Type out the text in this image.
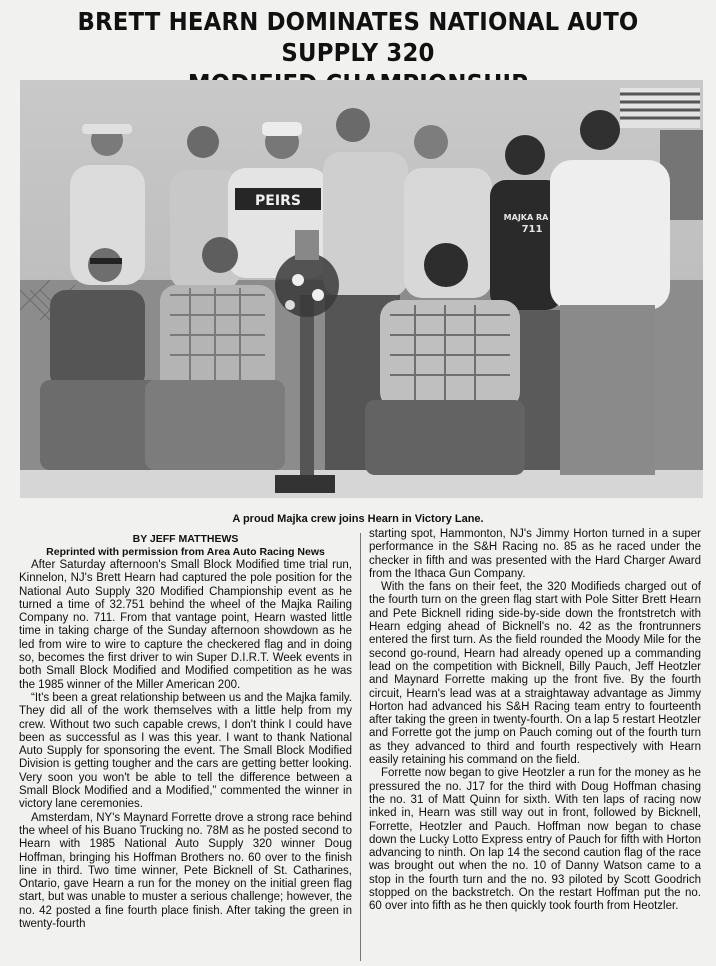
BRETT HEARN DOMINATES NATIONAL AUTO SUPPLY 320
PEIRS
MAJKA RA
711
A proud Majka crew joins Hearn in Victory Lane.
BY JEFF MATTHEWS
Reprinted with permission from Area Auto Racing News

After Saturday afternoon's Small Block Modified time trial run, Kinnelon, NJ's Brett Hearn had captured the pole position for the National Auto Supply 320 Modified Championship event as he turned a time of 32.751 behind the wheel of the Majka Railing Company no. 711. From that vantage point, Hearn wasted little time in taking charge of the Sunday afternoon showdown as he led from wire to wire to capture the checkered flag and in doing so, becomes the first driver to win Super D.I.R.T. Week events in both Small Block Modified and Modified competition as he was the 1985 winner of the Miller American 200.

“It's been a great relationship between us and the Majka family. They did all of the work themselves with a little help from my crew. Without two such capable crews, I don't think I could have been as successful as I was this year. I want to thank National Auto Supply for sponsoring the event. The Small Block Modified Division is getting tougher and the cars are getting better looking. Very soon you won't be able to tell the difference between a Small Block Modified and a Modified,” commented the winner in victory lane ceremonies.

Amsterdam, NY's Maynard Forrette drove a strong race behind the wheel of his Buano Trucking no. 78M as he posted second to Hearn with 1985 National Auto Supply 320 winner Doug Hoffman, bringing his Hoffman Brothers no. 60 over to the finish line in third. Two time winner, Pete Bicknell of St. Catharines, Ontario, gave Hearn a run for the money on the initial green flag start, but was unable to muster a serious challenge; however, the no. 42 posted a fine fourth place finish. After taking the green in twenty-fourth

starting spot, Hammonton, NJ's Jimmy Horton turned in a super performance in the S&H Racing no. 85 as he raced under the checker in fifth and was presented with the Hard Charger Award from the Ithaca Gun Company.

With the fans on their feet, the 320 Modifieds charged out of the fourth turn on the green flag start with Pole Sitter Brett Hearn and Pete Bicknell riding side-by-side down the frontstretch with Hearn edging ahead of Bicknell's no. 42 as the frontrunners entered the first turn. As the field rounded the Moody Mile for the second go-round, Hearn had already opened up a commanding lead on the competition with Bicknell, Billy Pauch, Jeff Heotzler and Maynard Forrette making up the front five. By the fourth circuit, Hearn's lead was at a straightaway advantage as Jimmy Horton had advanced his S&H Racing team entry to fourteenth after taking the green in twenty-fourth. On a lap 5 restart Heotzler and Forrette got the jump on Pauch coming out of the fourth turn as they advanced to third and fourth respectively with Hearn easily retaining his command on the field.

Forrette now began to give Heotzler a run for the money as he pressured the no. J17 for the third with Doug Hoffman chasing the no. 31 of Matt Quinn for sixth. With ten laps of racing now inked in, Hearn was still way out in front, followed by Bicknell, Forrette, Heotzler and Pauch. Hoffman now began to chase down the Lucky Lotto Express entry of Pauch for fifth with Horton advancing to ninth. On lap 14 the second caution flag of the race was brought out when the no. 10 of Danny Watson came to a stop in the fourth turn and the no. 93 piloted by Scott Goodrich stopped on the backstretch. On the restart Hoffman put the no. 60 over into fifth as he then quickly took fourth from Heotzler.
